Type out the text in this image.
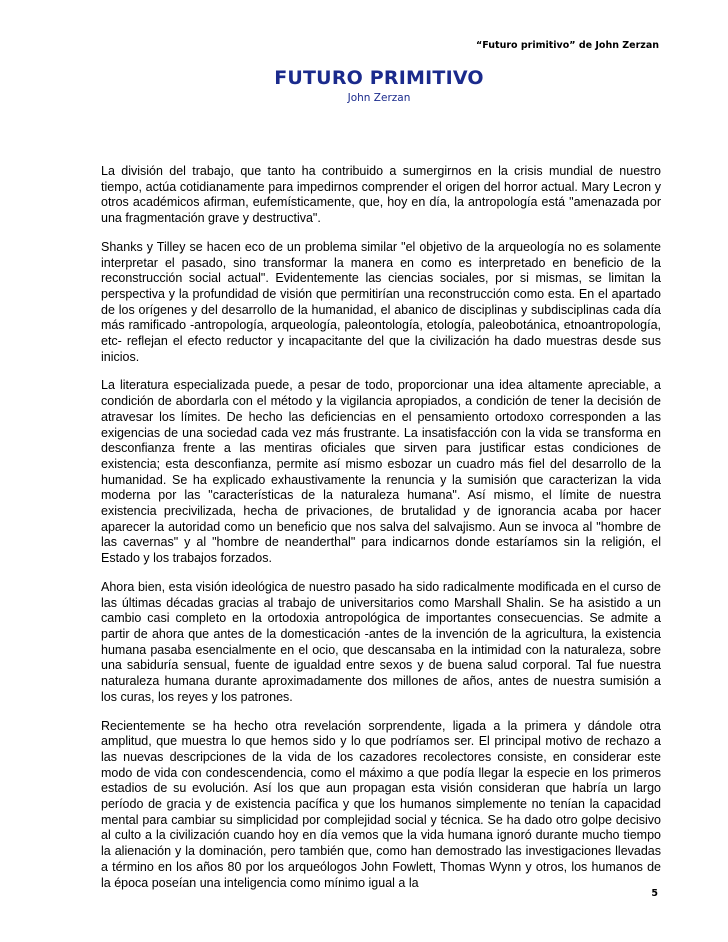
“Futuro primitivo” de John Zerzan
FUTURO PRIMITIVO
John Zerzan

La división del trabajo, que tanto ha contribuido a sumergirnos en la crisis mundial de nuestro tiempo, actúa cotidianamente para impedirnos comprender el origen del horror actual. Mary Lecron y otros académicos afirman, eufemísticamente, que, hoy en día, la antropología está "amenazada por una fragmentación grave y destructiva".

Shanks y Tilley se hacen eco de un problema similar "el objetivo de la arqueología no es solamente interpretar el pasado, sino transformar la manera en como es interpretado en beneficio de la reconstrucción social actual". Evidentemente las ciencias sociales, por si mismas, se limitan la perspectiva y la profundidad de visión que permitirían una reconstrucción como esta. En el apartado de los orígenes y del desarrollo de la humanidad, el abanico de disciplinas y subdisciplinas cada día más ramificado -antropología, arqueología, paleontología, etología, paleobotánica, etnoantropología, etc- reflejan el efecto reductor y incapacitante del que la civilización ha dado muestras desde sus inicios.

La literatura especializada puede, a pesar de todo, proporcionar una idea altamente apreciable, a condición de abordarla con el método y la vigilancia apropiados, a condición de tener la decisión de atravesar los límites. De hecho las deficiencias en el pensamiento ortodoxo corresponden a las exigencias de una sociedad cada vez más frustrante. La insatisfacción con la vida se transforma en desconfianza frente a las mentiras oficiales que sirven para justificar estas condiciones de existencia; esta desconfianza, permite así mismo esbozar un cuadro más fiel del desarrollo de la humanidad. Se ha explicado exhaustivamente la renuncia y la sumisión que caracterizan la vida moderna por las "características de la naturaleza humana". Así mismo, el límite de nuestra existencia precivilizada, hecha de privaciones, de brutalidad y de ignorancia acaba por hacer aparecer la autoridad como un beneficio que nos salva del salvajismo. Aun se invoca al "hombre de las cavernas" y al "hombre de neanderthal" para indicarnos donde estaríamos sin la religión, el Estado y los trabajos forzados.

Ahora bien, esta visión ideológica de nuestro pasado ha sido radicalmente modificada en el curso de las últimas décadas gracias al trabajo de universitarios como Marshall Shalin. Se ha asistido a un cambio casi completo en la ortodoxia antropológica de importantes consecuencias. Se admite a partir de ahora que antes de la domesticación -antes de la invención de la agricultura, la existencia humana pasaba esencialmente en el ocio, que descansaba en la intimidad con la naturaleza, sobre una sabiduría sensual, fuente de igualdad entre sexos y de buena salud corporal. Tal fue nuestra naturaleza humana durante aproximadamente dos millones de años, antes de nuestra sumisión a los curas, los reyes y los patrones.

Recientemente se ha hecho otra revelación sorprendente, ligada a la primera y dándole otra amplitud, que muestra lo que hemos sido y lo que podríamos ser. El principal motivo de rechazo a las nuevas descripciones de la vida de los cazadores recolectores consiste, en considerar este modo de vida con condescendencia, como el máximo a que podía llegar la especie en los primeros estadios de su evolución. Así los que aun propagan esta visión consideran que habría un largo período de gracia y de existencia pacífica y que los humanos simplemente no tenían la capacidad mental para cambiar su simplicidad por complejidad social y técnica. Se ha dado otro golpe decisivo al culto a la civilización cuando hoy en día vemos que la vida humana ignoró durante mucho tiempo la alienación y la dominación, pero también que, como han demostrado las investigaciones llevadas a término en los años 80 por los arqueólogos John Fowlett, Thomas Wynn y otros, los humanos de la época poseían una inteligencia como mínimo igual a la

5
